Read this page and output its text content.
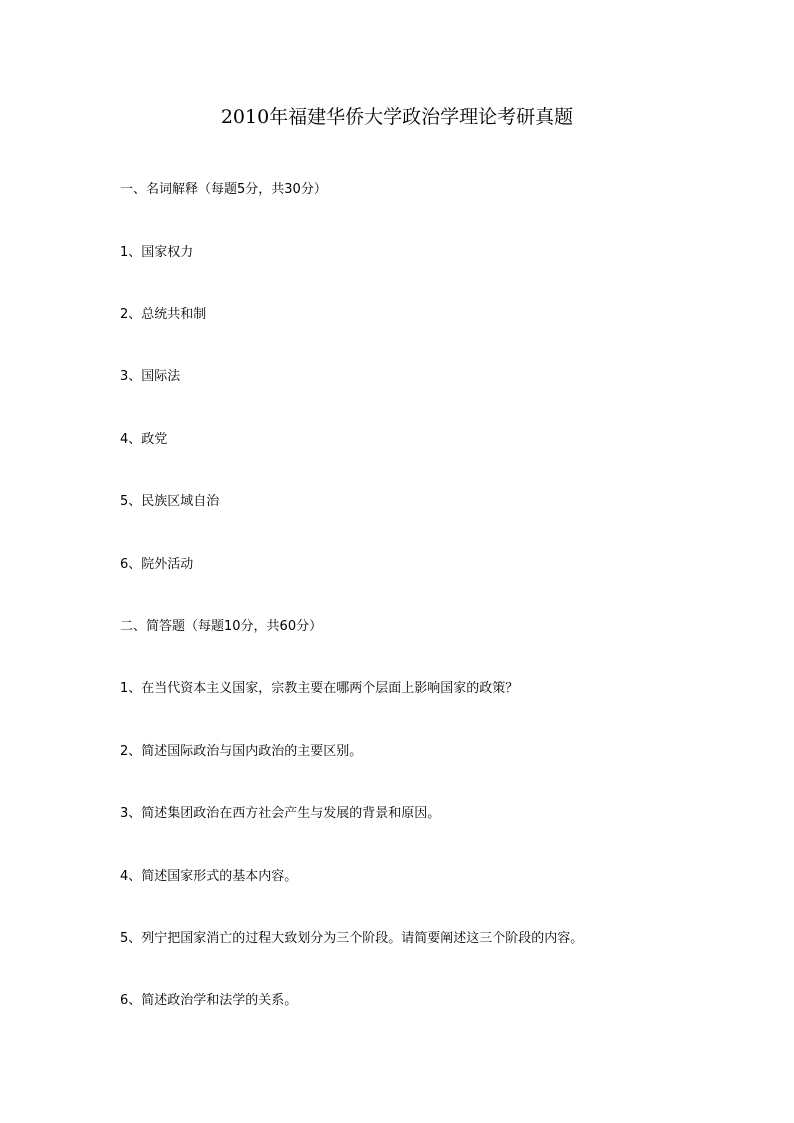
2010年福建华侨大学政治学理论考研真题

一、名词解释（每题5分，共30分）

1、国家权力

2、总统共和制

3、国际法

4、政党

5、民族区域自治

6、院外活动

二、简答题（每题10分，共60分）

1、在当代资本主义国家，宗教主要在哪两个层面上影响国家的政策？

2、简述国际政治与国内政治的主要区别。

3、简述集团政治在西方社会产生与发展的背景和原因。

4、简述国家形式的基本内容。

5、列宁把国家消亡的过程大致划分为三个阶段。请简要阐述这三个阶段的内容。

6、简述政治学和法学的关系。
